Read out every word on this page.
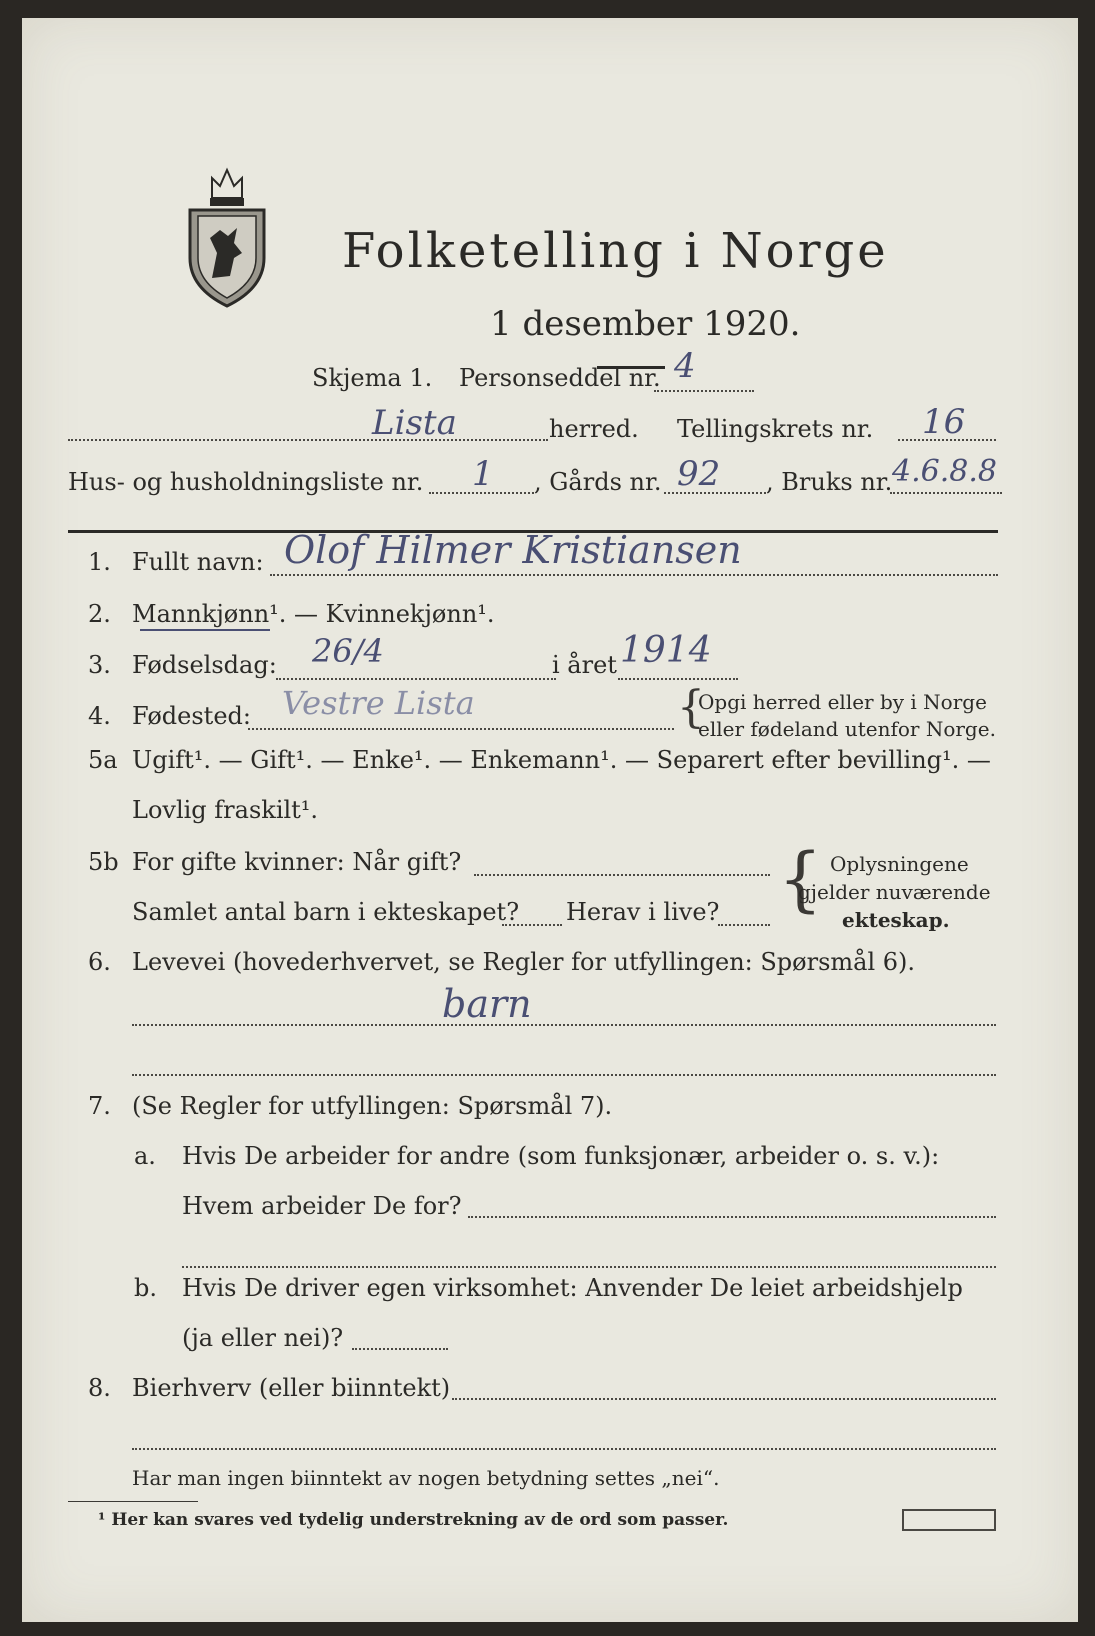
Folketelling i Norge
1 desember 1920.
Skjema 1. Personseddel nr. 4
Lista	herred. Tellingskrets nr. 16
Hus- og husholdningsliste nr. 1 , Gårds nr. 92 , Bruks nr. 4.6.8.8
1. Fullt navn: Olof Hilmer Kristiansen
2. Mannkjønn¹. — Kvinnekjønn¹.
3. Fødselsdag: 26/4	i året 1914
4. Fødested: Vestre Lista	{
Opgi herred eller by i Norge
eller fødeland utenfor Norge.
5a Ugift¹. — Gift¹. — Enke¹. — Enkemann¹. — Separert efter bevilling¹. —
Lovlig fraskilt¹.
5b For gifte kvinner: Når gift?
Samlet antal barn i ekteskapet? Herav i live? { Oplysningene
gjelder nuværende
ekteskap.
6. Levevei (hovederhvervet, se Regler for utfyllingen: Spørsmål 6).
barn
7. (Se Regler for utfyllingen: Spørsmål 7).
a. Hvis De arbeider for andre (som funksjonær, arbeider o. s. v.):
Hvem arbeider De for?
b. Hvis De driver egen virksomhet: Anvender De leiet arbeidshjelp
(ja eller nei)?
8. Bierhverv (eller biinntekt)
Har man ingen biinntekt av nogen betydning settes „nei“.
¹ Her kan svares ved tydelig understrekning av de ord som passer.
